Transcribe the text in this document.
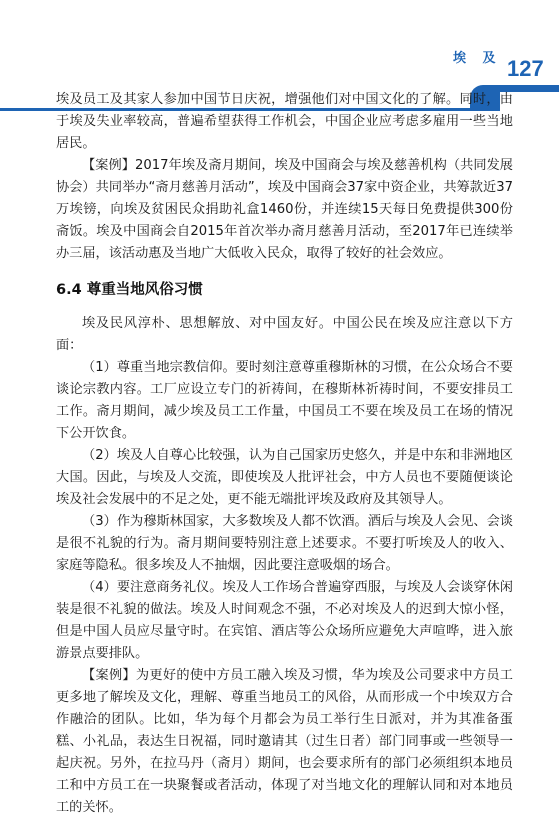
埃 及 127

埃及员工及其家人参加中国节日庆祝，增强他们对中国文化的了解。同时，由于埃及失业率较高，普遍希望获得工作机会，中国企业应考虑多雇用一些当地居民。

【案例】2017年埃及斋月期间，埃及中国商会与埃及慈善机构（共同发展协会）共同举办“斋月慈善月活动”，埃及中国商会37家中资企业，共筹款近37万埃镑，向埃及贫困民众捐助礼盒1460份，并连续15天每日免费提供300份斋饭。埃及中国商会自2015年首次举办斋月慈善月活动，至2017年已连续举办三届，该活动惠及当地广大低收入民众，取得了较好的社会效应。

6.4 尊重当地风俗习惯

埃及民风淳朴、思想解放、对中国友好。中国公民在埃及应注意以下方面：

（1）尊重当地宗教信仰。要时刻注意尊重穆斯林的习惯，在公众场合不要谈论宗教内容。工厂应设立专门的祈祷间，在穆斯林祈祷时间，不要安排员工工作。斋月期间，减少埃及员工工作量，中国员工不要在埃及员工在场的情况下公开饮食。

（2）埃及人自尊心比较强，认为自己国家历史悠久，并是中东和非洲地区大国。因此，与埃及人交流，即使埃及人批评社会，中方人员也不要随便谈论埃及社会发展中的不足之处，更不能无端批评埃及政府及其领导人。

（3）作为穆斯林国家，大多数埃及人都不饮酒。酒后与埃及人会见、会谈是很不礼貌的行为。斋月期间要特别注意上述要求。不要打听埃及人的收入、家庭等隐私。很多埃及人不抽烟，因此要注意吸烟的场合。

（4）要注意商务礼仪。埃及人工作场合普遍穿西服，与埃及人会谈穿休闲装是很不礼貌的做法。埃及人时间观念不强，不必对埃及人的迟到大惊小怪，但是中国人员应尽量守时。在宾馆、酒店等公众场所应避免大声喧哗，进入旅游景点要排队。

【案例】为更好的使中方员工融入埃及习惯，华为埃及公司要求中方员工更多地了解埃及文化，理解、尊重当地员工的风俗，从而形成一个中埃双方合作融洽的团队。比如，华为每个月都会为员工举行生日派对，并为其准备蛋糕、小礼品，表达生日祝福，同时邀请其（过生日者）部门同事或一些领导一起庆祝。另外，在拉马丹（斋月）期间，也会要求所有的部门必须组织本地员工和中方员工在一块聚餐或者活动，体现了对当地文化的理解认同和对本地员工的关怀。
